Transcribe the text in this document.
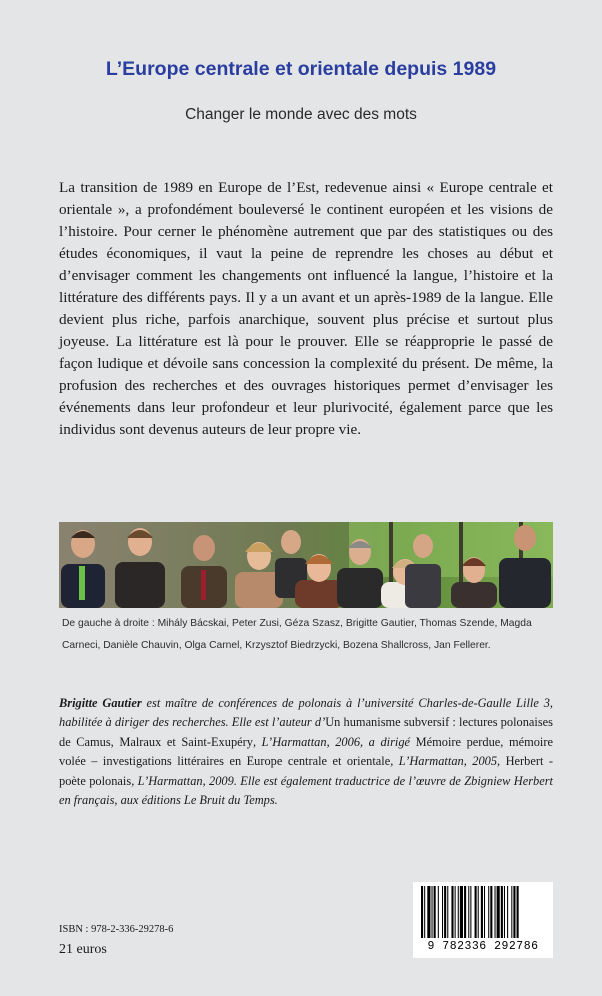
L’Europe centrale et orientale depuis 1989
Changer le monde avec des mots
La transition de 1989 en Europe de l’Est, redevenue ainsi « Europe centrale et orientale », a profondément bouleversé le continent européen et les visions de l’histoire. Pour cerner le phénomène autrement que par des statistiques ou des études économiques, il vaut la peine de reprendre les choses au début et d’envisager comment les changements ont influencé la langue, l’histoire et la littérature des différents pays. Il y a un avant et un après-1989 de la langue. Elle devient plus riche, parfois anarchique, souvent plus précise et surtout plus joyeuse. La littérature est là pour le prouver. Elle se réapproprie le passé de façon ludique et dévoile sans concession la complexité du présent. De même, la profusion des recherches et des ouvrages historiques permet d’envisager les événements dans leur profondeur et leur plurivocité, également parce que les individus sont devenus auteurs de leur propre vie.
De gauche à droite : Mihály Bácskai, Peter Zusi, Géza Szasz, Brigitte Gautier, Thomas Szende, Magda Carneci, Danièle Chauvin, Olga Carnel, Krzysztof Biedrzycki, Bozena Shallcross, Jan Fellerer.
Brigitte Gautier est maître de conférences de polonais à l’université Charles-de-Gaulle Lille 3, habilitée à diriger des recherches. Elle est l’auteur d’Un humanisme subversif : lectures polonaises de Camus, Malraux et Saint-Exupéry, L’Harmattan, 2006, a dirigé Mémoire perdue, mémoire volée – investigations littéraires en Europe centrale et orientale, L’Harmattan, 2005, Herbert - poète polonais, L’Harmattan, 2009. Elle est également traductrice de l’œuvre de Zbigniew Herbert en français, aux éditions Le Bruit du Temps.
ISBN : 978-2-336-29278-6
21 euros	9 782336 292786
